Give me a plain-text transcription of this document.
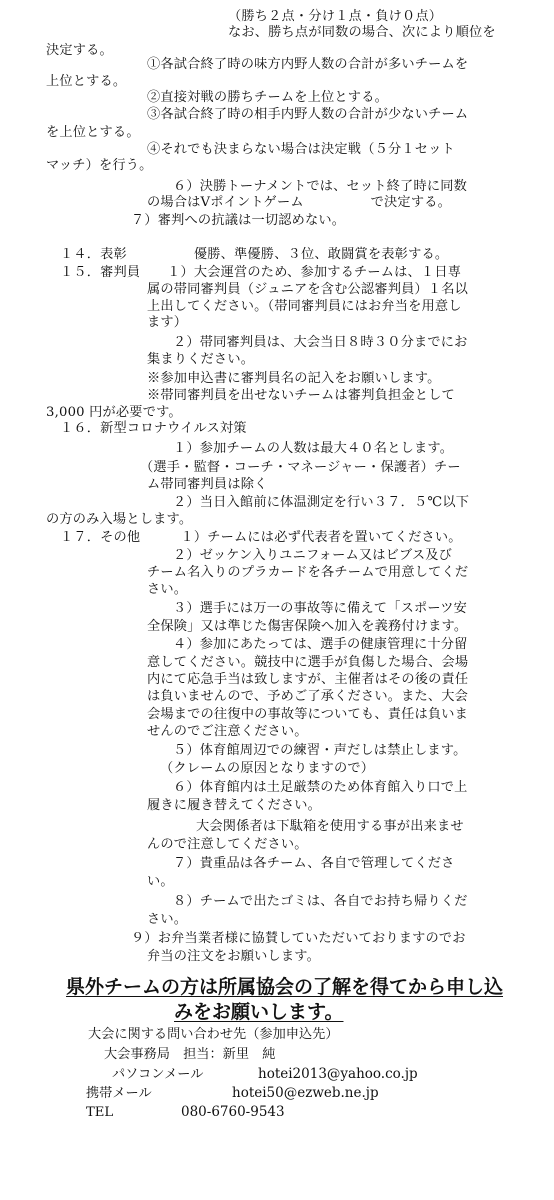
（勝ち２点・分け１点・負け０点）
なお、勝ち点が同数の場合、次により順位を
決定する。
①各試合終了時の味方内野人数の合計が多いチームを
上位とする。
②直接対戦の勝ちチームを上位とする。
③各試合終了時の相手内野人数の合計が少ないチーム
を上位とする。
④それでも決まらない場合は決定戦（５分１セット
マッチ）を行う。
６）決勝トーナメントでは、セット終了時に同数
の場合はVポイントゲーム　　　　　で決定する。
７）審判への抗議は一切認めない。
１４．表彰　　　　　優勝、準優勝、３位、敢闘賞を表彰する。
１５．審判員　　１）大会運営のため、参加するチームは、１日専
属の帯同審判員（ジュニアを含む公認審判員）１名以
上出してください。（帯同審判員にはお弁当を用意し
ます）
２）帯同審判員は、大会当日８時３０分までにお
集まりください。
※参加申込書に審判員名の記入をお願いします。
※帯同審判員を出せないチームは審判負担金として
3,000 円が必要です。
１６．新型コロナウイルス対策
１）参加チームの人数は最大４０名とします。
（選手・監督・コーチ・マネージャー・保護者）チー
ム帯同審判員は除く
２）当日入館前に体温測定を行い３７．５℃以下
の方のみ入場とします。
１７．その他　　　１）チームには必ず代表者を置いてください。
２）ゼッケン入りユニフォーム又はビブス及び
チーム名入りのプラカードを各チームで用意してくだ
さい。
３）選手には万一の事故等に備えて「スポーツ安
全保険」又は準じた傷害保険へ加入を義務付けます。
４）参加にあたっては、選手の健康管理に十分留
意してください。競技中に選手が負傷した場合、会場
内にて応急手当は致しますが、主催者はその後の責任
は負いませんので、予めご了承ください。また、大会
会場までの往復中の事故等についても、責任は負いま
せんのでご注意ください。
５）体育館周辺での練習・声だしは禁止します。
（クレームの原因となりますので）
６）体育館内は土足厳禁のため体育館入り口で上
履きに履き替えてください。
大会関係者は下駄箱を使用する事が出来ませ
んので注意してください。
７）貴重品は各チーム、各自で管理してくださ
い。
８）チームで出たゴミは、各自でお持ち帰りくだ
さい。
９）お弁当業者様に協賛していただいておりますのでお
弁当の注文をお願いします。
県外チームの方は所属協会の了解を得てから申し込
みをお願いします。
大会に関する問い合わせ先（参加申込先）
大会事務局　担当：新里　純
パソコンメール	hotei2013@yahoo.co.jp
携帯メール	hotei50@ezweb.ne.jp
TEL	080-6760-9543
